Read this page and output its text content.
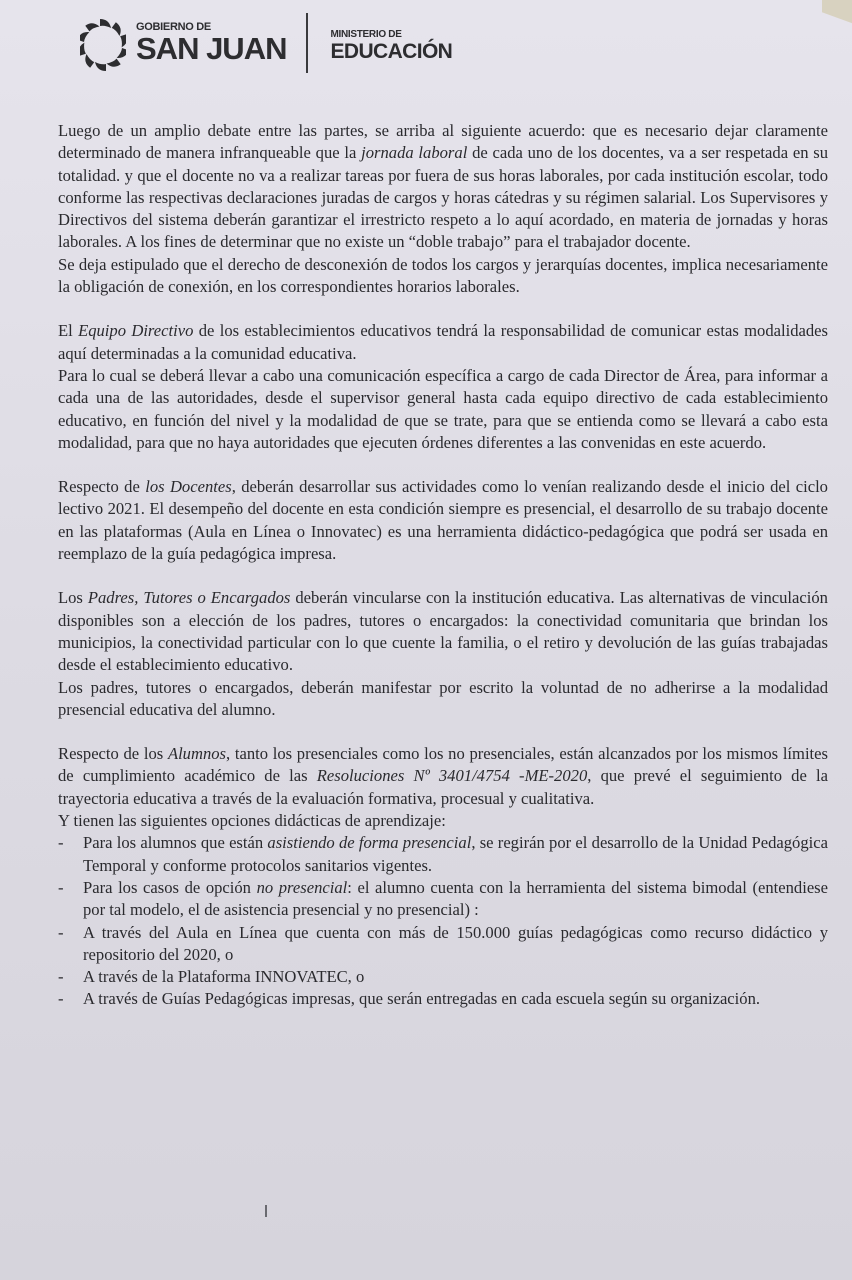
GOBIERNO DE
SAN JUAN	MINISTERIO DE
EDUCACIÓN

Luego de un amplio debate entre las partes, se arriba al siguiente acuerdo: que es necesario dejar claramente determinado de manera infranqueable que la jornada laboral de cada uno de los docentes, va a ser respetada en su totalidad. y que el docente no va a realizar tareas por fuera de sus horas laborales, por cada institución escolar, todo conforme las respectivas declaraciones juradas de cargos y horas cátedras y su régimen salarial. Los Supervisores y Directivos del sistema deberán garantizar el irrestricto respeto a lo aquí acordado, en materia de jornadas y horas laborales. A los fines de determinar que no existe un “doble trabajo” para el trabajador docente.

Se deja estipulado que el derecho de desconexión de todos los cargos y jerarquías docentes, implica necesariamente la obligación de conexión, en los correspondientes horarios laborales.

El Equipo Directivo de los establecimientos educativos tendrá la responsabilidad de comunicar estas modalidades aquí determinadas a la comunidad educativa.

Para lo cual se deberá llevar a cabo una comunicación específica a cargo de cada Director de Área, para informar a cada una de las autoridades, desde el supervisor general hasta cada equipo directivo de cada establecimiento educativo, en función del nivel y la modalidad de que se trate, para que se entienda como se llevará a cabo esta modalidad, para que no haya autoridades que ejecuten órdenes diferentes a las convenidas en este acuerdo.

Respecto de los Docentes, deberán desarrollar sus actividades como lo venían realizando desde el inicio del ciclo lectivo 2021. El desempeño del docente en esta condición siempre es presencial, el desarrollo de su trabajo docente en las plataformas (Aula en Línea o Innovatec) es una herramienta didáctico-pedagógica que podrá ser usada en reemplazo de la guía pedagógica impresa.

Los Padres, Tutores o Encargados deberán vincularse con la institución educativa. Las alternativas de vinculación disponibles son a elección de los padres, tutores o encargados: la conectividad comunitaria que brindan los municipios, la conectividad particular con lo que cuente la familia, o el retiro y devolución de las guías trabajadas desde el establecimiento educativo.

Los padres, tutores o encargados, deberán manifestar por escrito la voluntad de no adherirse a la modalidad presencial educativa del alumno.

Respecto de los Alumnos, tanto los presenciales como los no presenciales, están alcanzados por los mismos límites de cumplimiento académico de las Resoluciones Nº 3401/4754 -ME-2020, que prevé el seguimiento de la trayectoria educativa a través de la evaluación formativa, procesual y cualitativa.

Y tienen las siguientes opciones didácticas de aprendizaje:

- Para los alumnos que están asistiendo de forma presencial, se regirán por el desarrollo de la Unidad Pedagógica Temporal y conforme protocolos sanitarios vigentes.
- Para los casos de opción no presencial: el alumno cuenta con la herramienta del sistema bimodal (entendiese por tal modelo, el de asistencia presencial y no presencial) :
- A través del Aula en Línea que cuenta con más de 150.000 guías pedagógicas como recurso didáctico y repositorio del 2020, o
- A través de la Plataforma INNOVATEC, o
- A través de Guías Pedagógicas impresas, que serán entregadas en cada escuela según su organización.
